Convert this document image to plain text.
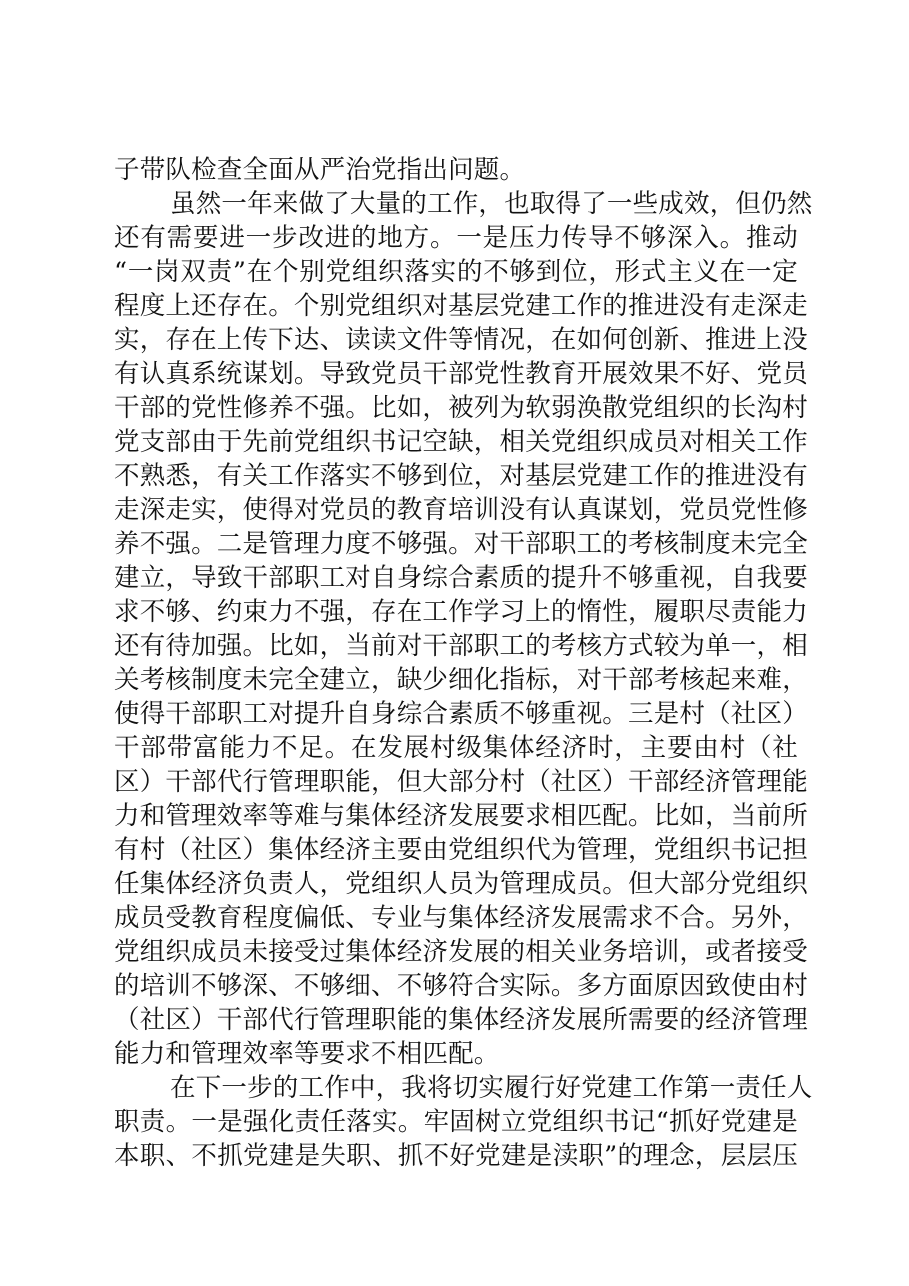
子带队检查全面从严治党指出问题。
虽然一年来做了大量的工作，也取得了一些成效，但仍然
还有需要进一步改进的地方。一是压力传导不够深入。推动
“一岗双责”在个别党组织落实的不够到位，形式主义在一定
程度上还存在。个别党组织对基层党建工作的推进没有走深走
实，存在上传下达、读读文件等情况，在如何创新、推进上没
有认真系统谋划。导致党员干部党性教育开展效果不好、党员
干部的党性修养不强。比如，被列为软弱涣散党组织的长沟村
党支部由于先前党组织书记空缺，相关党组织成员对相关工作
不熟悉，有关工作落实不够到位，对基层党建工作的推进没有
走深走实，使得对党员的教育培训没有认真谋划，党员党性修
养不强。二是管理力度不够强。对干部职工的考核制度未完全
建立，导致干部职工对自身综合素质的提升不够重视，自我要
求不够、约束力不强，存在工作学习上的惰性，履职尽责能力
还有待加强。比如，当前对干部职工的考核方式较为单一，相
关考核制度未完全建立，缺少细化指标，对干部考核起来难，
使得干部职工对提升自身综合素质不够重视。三是村（社区）
干部带富能力不足。在发展村级集体经济时，主要由村（社
区）干部代行管理职能，但大部分村（社区）干部经济管理能
力和管理效率等难与集体经济发展要求相匹配。比如，当前所
有村（社区）集体经济主要由党组织代为管理，党组织书记担
任集体经济负责人，党组织人员为管理成员。但大部分党组织
成员受教育程度偏低、专业与集体经济发展需求不合。另外，
党组织成员未接受过集体经济发展的相关业务培训，或者接受
的培训不够深、不够细、不够符合实际。多方面原因致使由村
（社区）干部代行管理职能的集体经济发展所需要的经济管理
能力和管理效率等要求不相匹配。
在下一步的工作中，我将切实履行好党建工作第一责任人
职责。一是强化责任落实。牢固树立党组织书记“抓好党建是
本职、不抓党建是失职、抓不好党建是渎职”的理念，层层压
